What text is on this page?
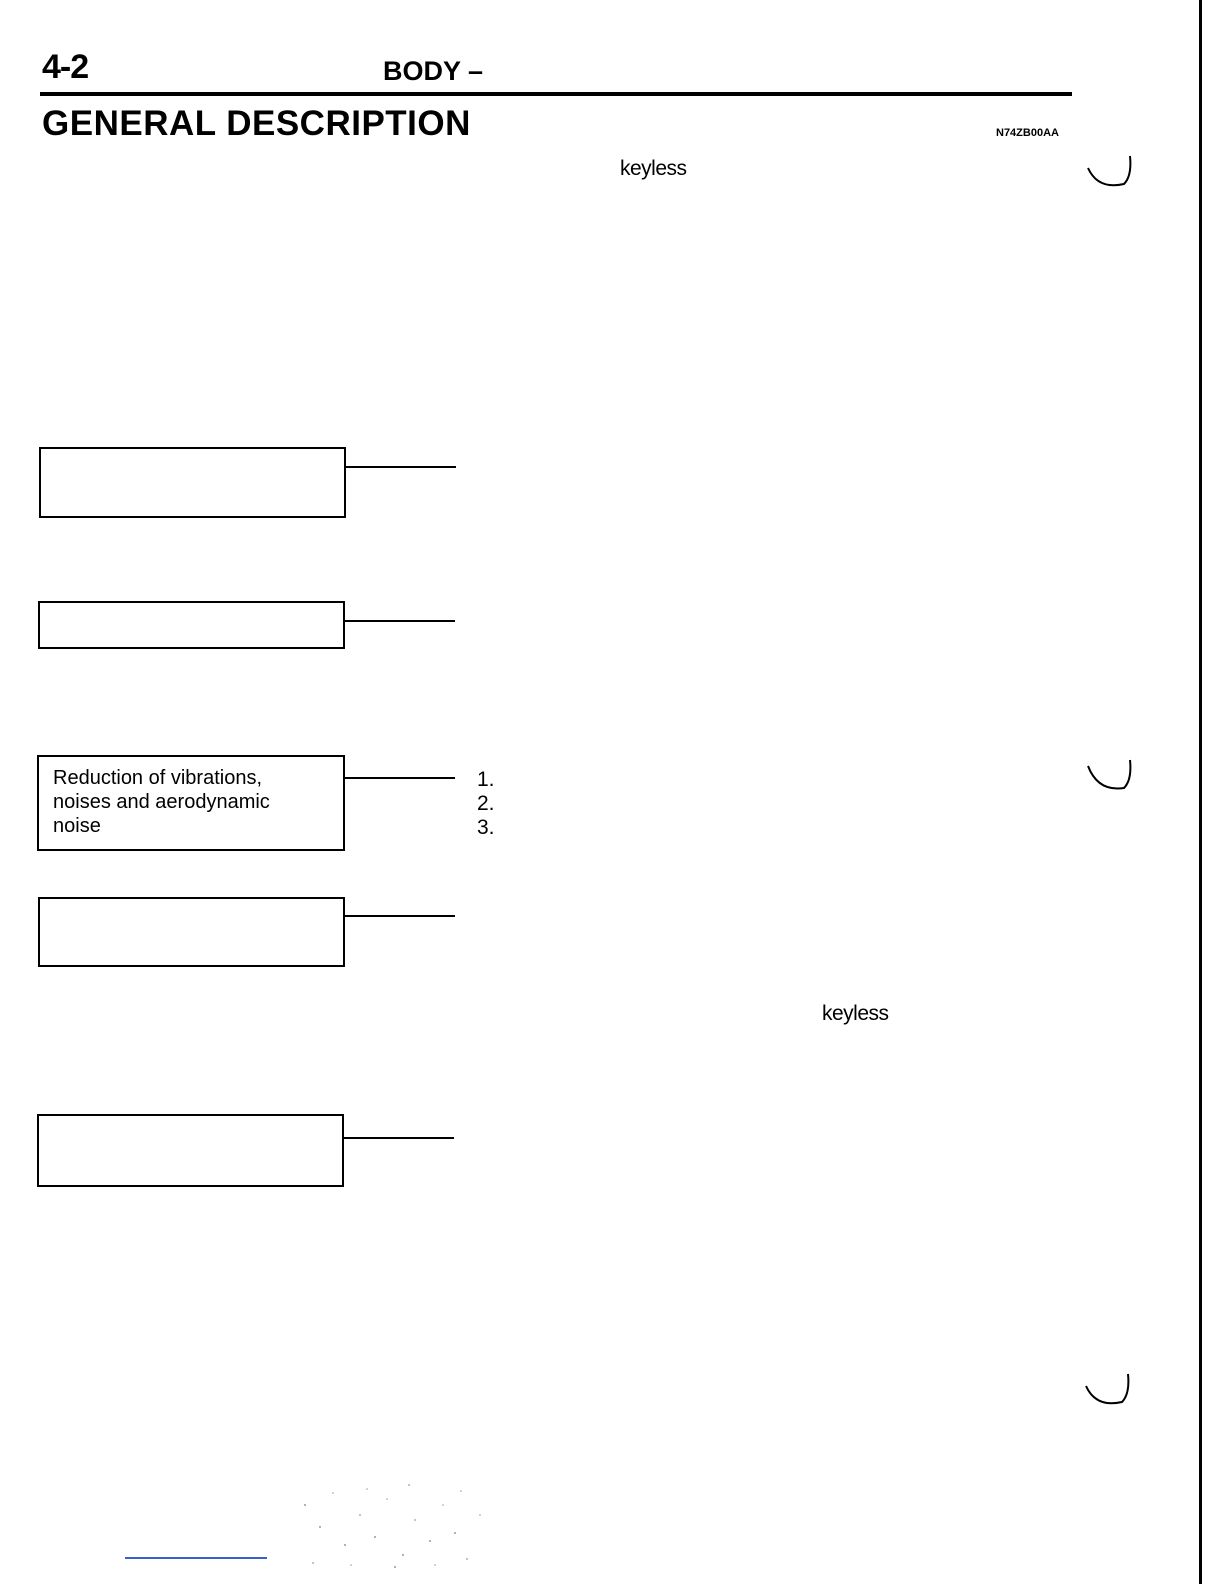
4-2	BODY –
GENERAL DESCRIPTION	N74ZB00AA
keyless
keyless
Reduction of vibrations,
noises and aerodynamic
noise
1.
2.
3.
